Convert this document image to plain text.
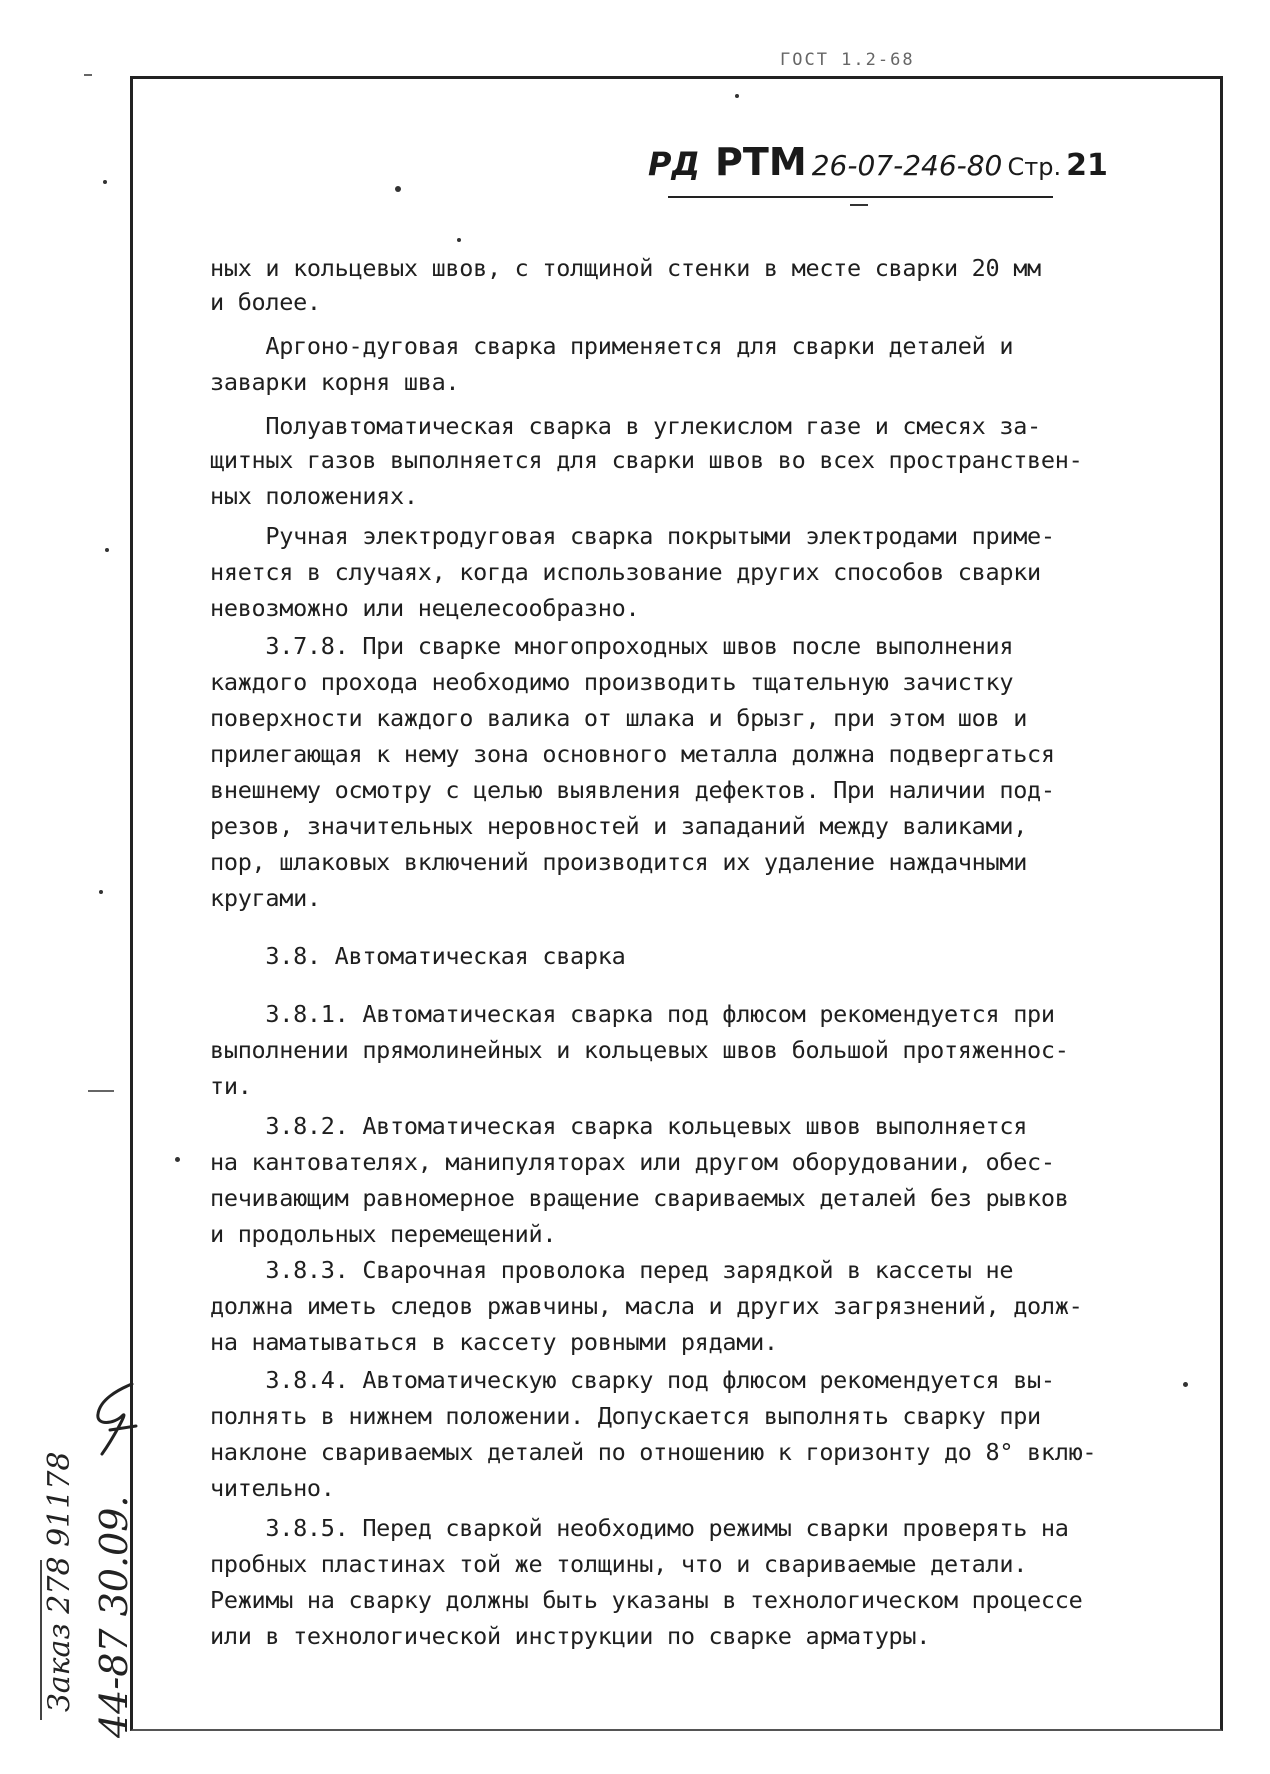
ГОСТ 1.2-68
РД РТМ 26-07-246-80 Стр. 21
ных и кольцевых швов, с толщиной стенки в месте сварки 20 мм
и более.
Аргоно-дуговая сварка применяется для сварки деталей и
заварки корня шва.
Полуавтоматическая сварка в углекислом газе и смесях за-
щитных газов выполняется для сварки швов во всех пространствен-
ных положениях.
Ручная электродуговая сварка покрытыми электродами приме-
няется в случаях, когда использование других способов сварки
невозможно или нецелесообразно.
3.7.8. При сварке многопроходных швов после выполнения
каждого прохода необходимо производить тщательную зачистку
поверхности каждого валика от шлака и брызг, при этом шов и
прилегающая к нему зона основного металла должна подвергаться
внешнему осмотру с целью выявления дефектов. При наличии под-
резов, значительных неровностей и западаний между валиками,
пор, шлаковых включений производится их удаление наждачными
кругами.
3.8. Автоматическая сварка
3.8.1. Автоматическая сварка под флюсом рекомендуется при
выполнении прямолинейных и кольцевых швов большой протяженнос-
ти.
3.8.2. Автоматическая сварка кольцевых швов выполняется
на кантователях, манипуляторах или другом оборудовании, обес-
печивающим равномерное вращение свариваемых деталей без рывков
и продольных перемещений.
3.8.3. Сварочная проволока перед зарядкой в кассеты не
должна иметь следов ржавчины, масла и других загрязнений, долж-
на наматываться в кассету ровными рядами.
3.8.4. Автоматическую сварку под флюсом рекомендуется вы-
полнять в нижнем положении. Допускается выполнять сварку при
наклоне свариваемых деталей по отношению к горизонту до 8° вклю-
чительно.
3.8.5. Перед сваркой необходимо режимы сварки проверять на
пробных пластинах той же толщины, что и свариваемые детали.
Режимы на сварку должны быть указаны в технологическом процессе
или в технологической инструкции по сварке арматуры.
Заказ 278 91178 44-87 30.09.
